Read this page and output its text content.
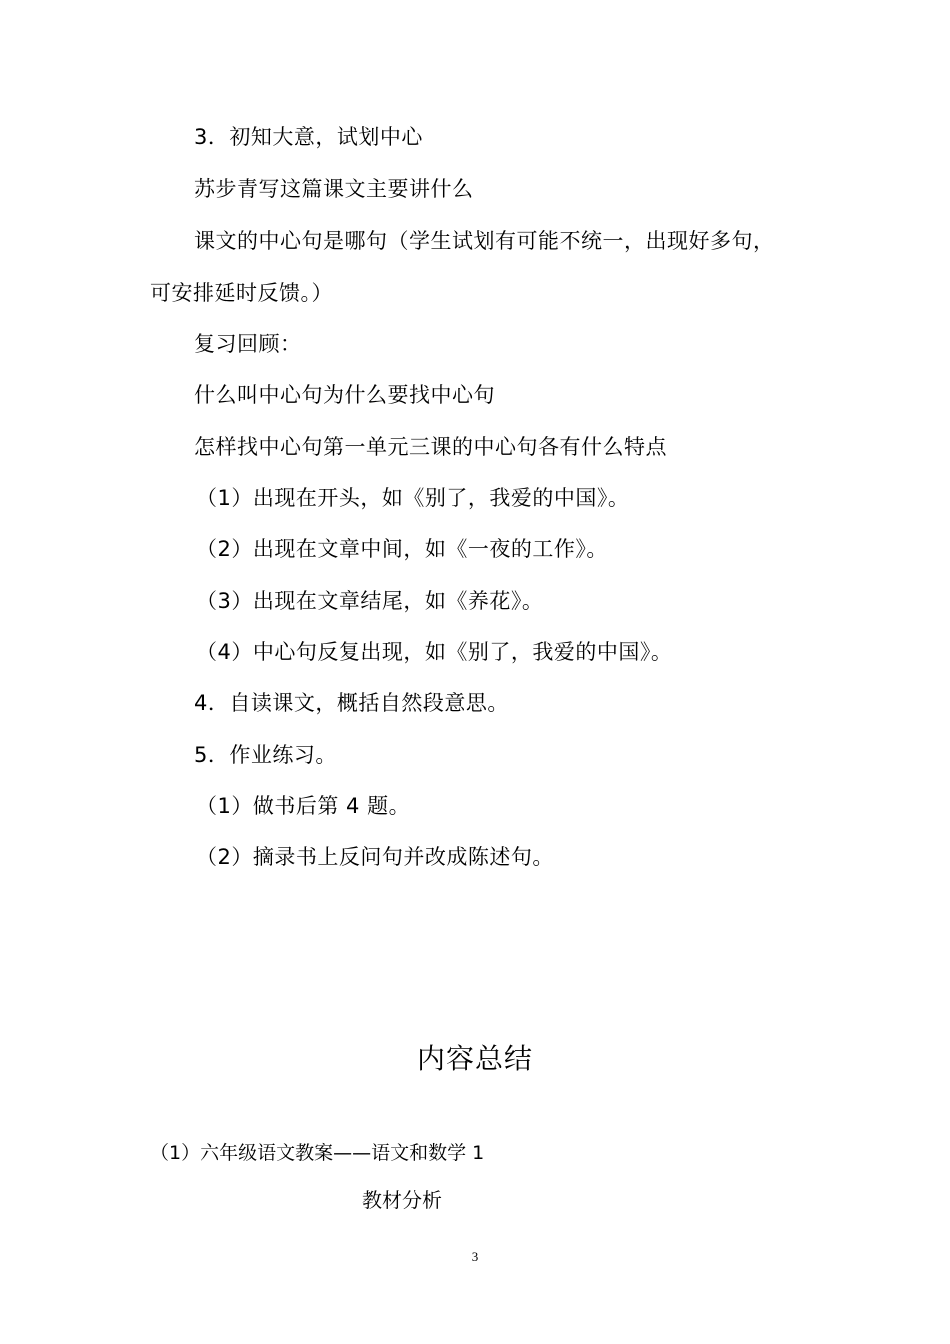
3．初知大意，试划中心
苏步青写这篇课文主要讲什么
课文的中心句是哪句（学生试划有可能不统一，出现好多句，
可安排延时反馈。）
复习回顾：
什么叫中心句为什么要找中心句
怎样找中心句第一单元三课的中心句各有什么特点
（1）出现在开头，如《别了，我爱的中国》。
（2）出现在文章中间，如《一夜的工作》。
（3）出现在文章结尾，如《养花》。
（4）中心句反复出现，如《别了，我爱的中国》。
4．自读课文，概括自然段意思。
5．作业练习。
（1）做书后第 4 题。
（2）摘录书上反问句并改成陈述句。
内容总结
（1）六年级语文教案——语文和数学 1
教材分析
3
